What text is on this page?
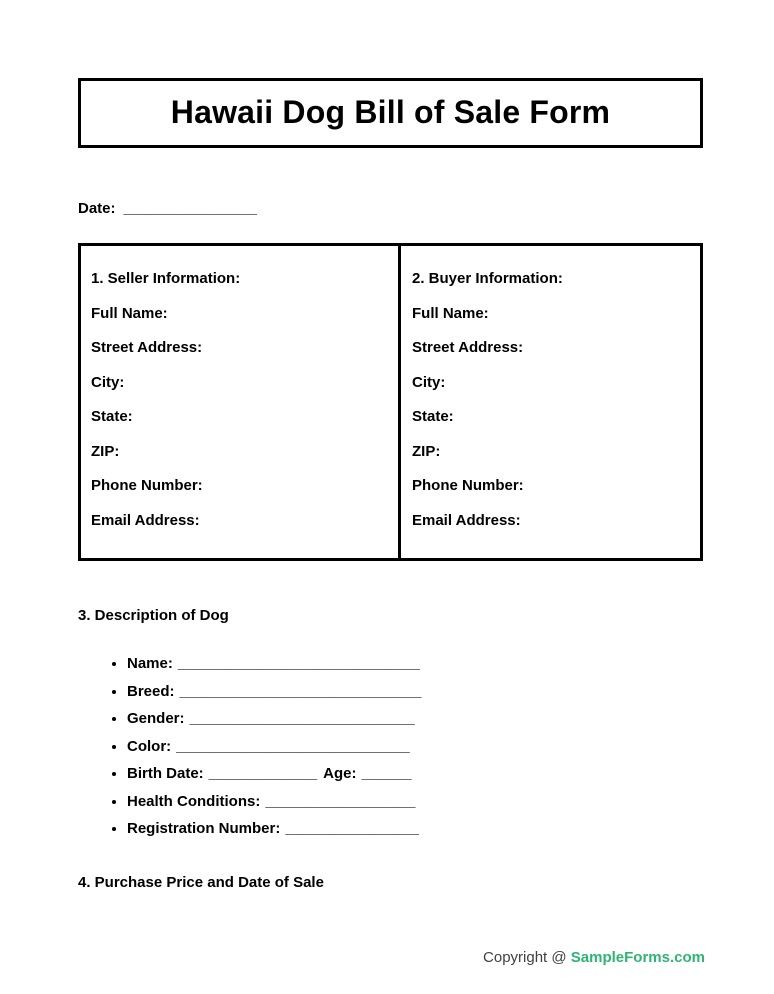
Hawaii Dog Bill of Sale Form
Date: ________________

1. Seller Information:

Full Name:

Street Address:

City:

State:

ZIP:

Phone Number:

Email Address:

2. Buyer Information:

Full Name:

Street Address:

City:

State:

ZIP:

Phone Number:

Email Address:

3. Description of Dog
• Name: _____________________________
• Breed: _____________________________
• Gender: ___________________________
• Color: ____________________________
• Birth Date: _____________ Age: ______
• Health Conditions: __________________
• Registration Number: ________________
4. Purchase Price and Date of Sale
Copyright @ SampleForms.com
